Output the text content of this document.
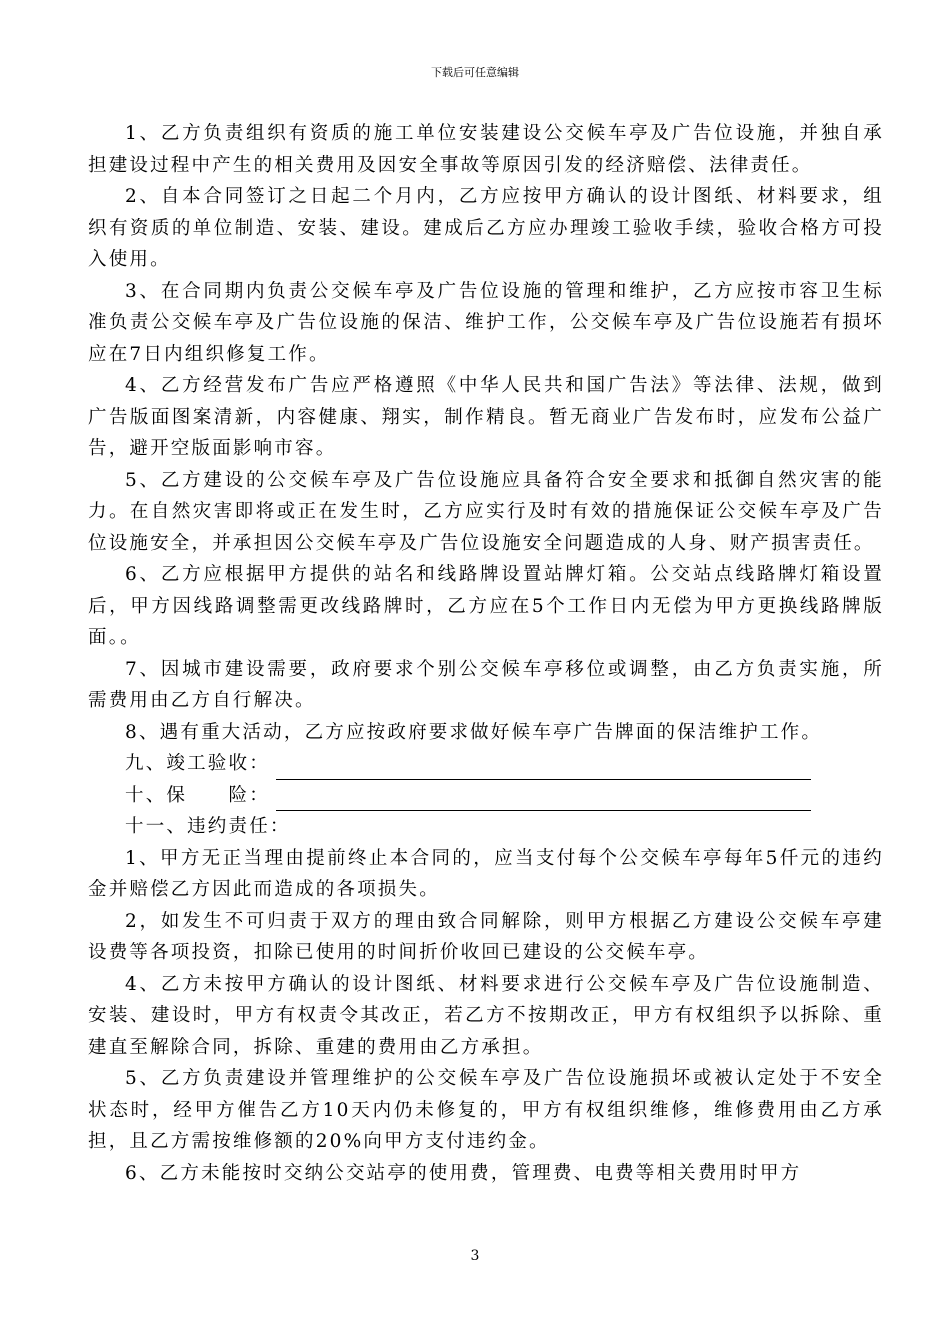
下载后可任意编辑

1、乙方负责组织有资质的施工单位安装建设公交候车亭及广告位设施，并独自承担建设过程中产生的相关费用及因安全事故等原因引发的经济赔偿、法律责任。

2、自本合同签订之日起二个月内，乙方应按甲方确认的设计图纸、材料要求，组织有资质的单位制造、安装、建设。建成后乙方应办理竣工验收手续，验收合格方可投入使用。

3、在合同期内负责公交候车亭及广告位设施的管理和维护，乙方应按市容卫生标准负责公交候车亭及广告位设施的保洁、维护工作，公交候车亭及广告位设施若有损坏应在7日内组织修复工作。

4、乙方经营发布广告应严格遵照《中华人民共和国广告法》等法律、法规，做到广告版面图案清新，内容健康、翔实，制作精良。暂无商业广告发布时，应发布公益广告，避开空版面影响市容。

5、乙方建设的公交候车亭及广告位设施应具备符合安全要求和抵御自然灾害的能力。在自然灾害即将或正在发生时，乙方应实行及时有效的措施保证公交候车亭及广告位设施安全，并承担因公交候车亭及广告位设施安全问题造成的人身、财产损害责任。

6、乙方应根据甲方提供的站名和线路牌设置站牌灯箱。公交站点线路牌灯箱设置后，甲方因线路调整需更改线路牌时，乙方应在5个工作日内无偿为甲方更换线路牌版面。。

7、因城市建设需要，政府要求个别公交候车亭移位或调整，由乙方负责实施，所需费用由乙方自行解决。

8、遇有重大活动，乙方应按政府要求做好候车亭广告牌面的保洁维护工作。

九、竣工验收：
十、保　　险：

十一、违约责任：

1、甲方无正当理由提前终止本合同的，应当支付每个公交候车亭每年5仟元的违约金并赔偿乙方因此而造成的各项损失。

2，如发生不可归责于双方的理由致合同解除，则甲方根据乙方建设公交候车亭建设费等各项投资，扣除已使用的时间折价收回已建设的公交候车亭。

4、乙方未按甲方确认的设计图纸、材料要求进行公交候车亭及广告位设施制造、安装、建设时，甲方有权责令其改正，若乙方不按期改正，甲方有权组织予以拆除、重建直至解除合同，拆除、重建的费用由乙方承担。

5、乙方负责建设并管理维护的公交候车亭及广告位设施损坏或被认定处于不安全状态时，经甲方催告乙方10天内仍未修复的，甲方有权组织维修，维修费用由乙方承担，且乙方需按维修额的20%向甲方支付违约金。

6、乙方未能按时交纳公交站亭的使用费，管理费、电费等相关费用时甲方

3
